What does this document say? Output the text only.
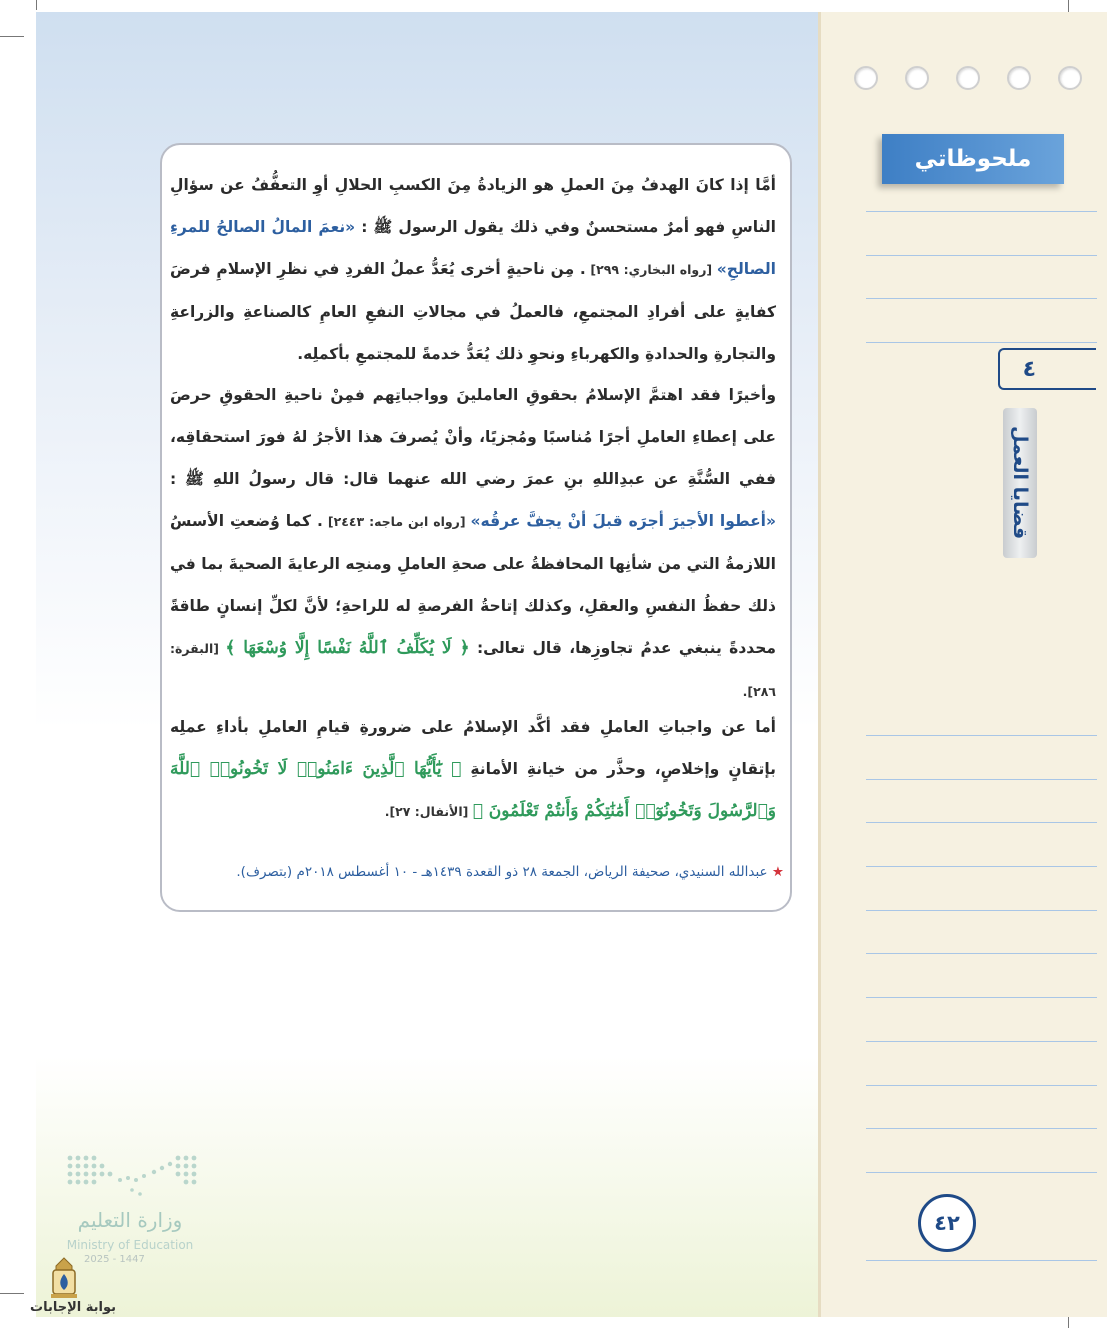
ملحوظاتي
٤
قضايا العمل
٤٢
أمَّا إذا كانَ الهدفُ مِنَ العملِ هو الزيادةُ مِنَ الكسبِ الحلالِ أوِ التعفُّفُ عن سؤالِ الناسِ فهو أمرٌ مستحسنٌ وفي ذلك يقول الرسول ﷺ : «نعمَ المالُ الصالحُ للمرءِ الصالحِ» [رواه البخاري: ٢٩٩] . مِن ناحيةٍ أخرى يُعَدُّ عملُ الفردِ في نظرِ الإسلامِ فرضَ كفايةٍ على أفرادِ المجتمعِ، فالعملُ في مجالاتِ النفعِ العامِ كالصناعةِ والزراعةِ والتجارةِ والحدادةِ والكهرباءِ ونحوِ ذلك يُعَدُّ خدمةً للمجتمعِ بأكملِه.
وأخيرًا فقد اهتمَّ الإسلامُ بحقوقِ العاملينَ وواجباتِهم فمِنْ ناحيةِ الحقوقِ حرصَ على إعطاءِ العاملِ أجرًا مُناسبًا ومُجزيًا، وأنْ يُصرفَ هذا الأجرُ لهُ فورَ استحقاقِه، ففي السُّنَّةِ عن عبدِاللهِ بنِ عمرَ رضي الله عنهما قال: قال رسولُ اللهِ ﷺ : «أعطوا الأجيرَ أجرَه قبلَ أنْ يجفَّ عرقُه» [رواه ابن ماجه: ٢٤٤٣] . كما وُضعتِ الأسسُ اللازمةُ التي من شأنِها المحافظةُ على صحةِ العاملِ ومنحِه الرعايةَ الصحيةَ بما في ذلك حفظُ النفسِ والعقلِ، وكذلك إتاحةُ الفرصةِ له للراحةِ؛ لأنَّ لكلِّ إنسانٍ طاقةً محددةً ينبغي عدمُ تجاوزِها، قال تعالى: ﴿ لَا يُكَلِّفُ ٱللَّهُ نَفْسًا إِلَّا وُسْعَهَا ﴾ [البقرة: ٢٨٦].
أما عن واجباتِ العاملِ فقد أكَّد الإسلامُ على ضرورةِ قيامِ العاملِ بأداءِ عملِه بإتقانٍ وإخلاصٍ، وحذَّر من خيانةِ الأمانةِ ﴿ يَٰٓأَيُّهَا ٱلَّذِينَ ءَامَنُوا۟ لَا تَخُونُوا۟ ٱللَّهَ وَٱلرَّسُولَ وَتَخُونُوٓا۟ أَمَٰنَٰتِكُمْ وَأَنتُمْ تَعْلَمُونَ ﴾ [الأنفال: ٢٧].
★ عبدالله السنيدي، صحيفة الرياض، الجمعة ٢٨ ذو القعدة ١٤٣٩هـ - ١٠ أغسطس ٢٠١٨م (بتصرف).
وزارة التعليم
Ministry of Education
2025 - 1447
بوابة الإجابات
